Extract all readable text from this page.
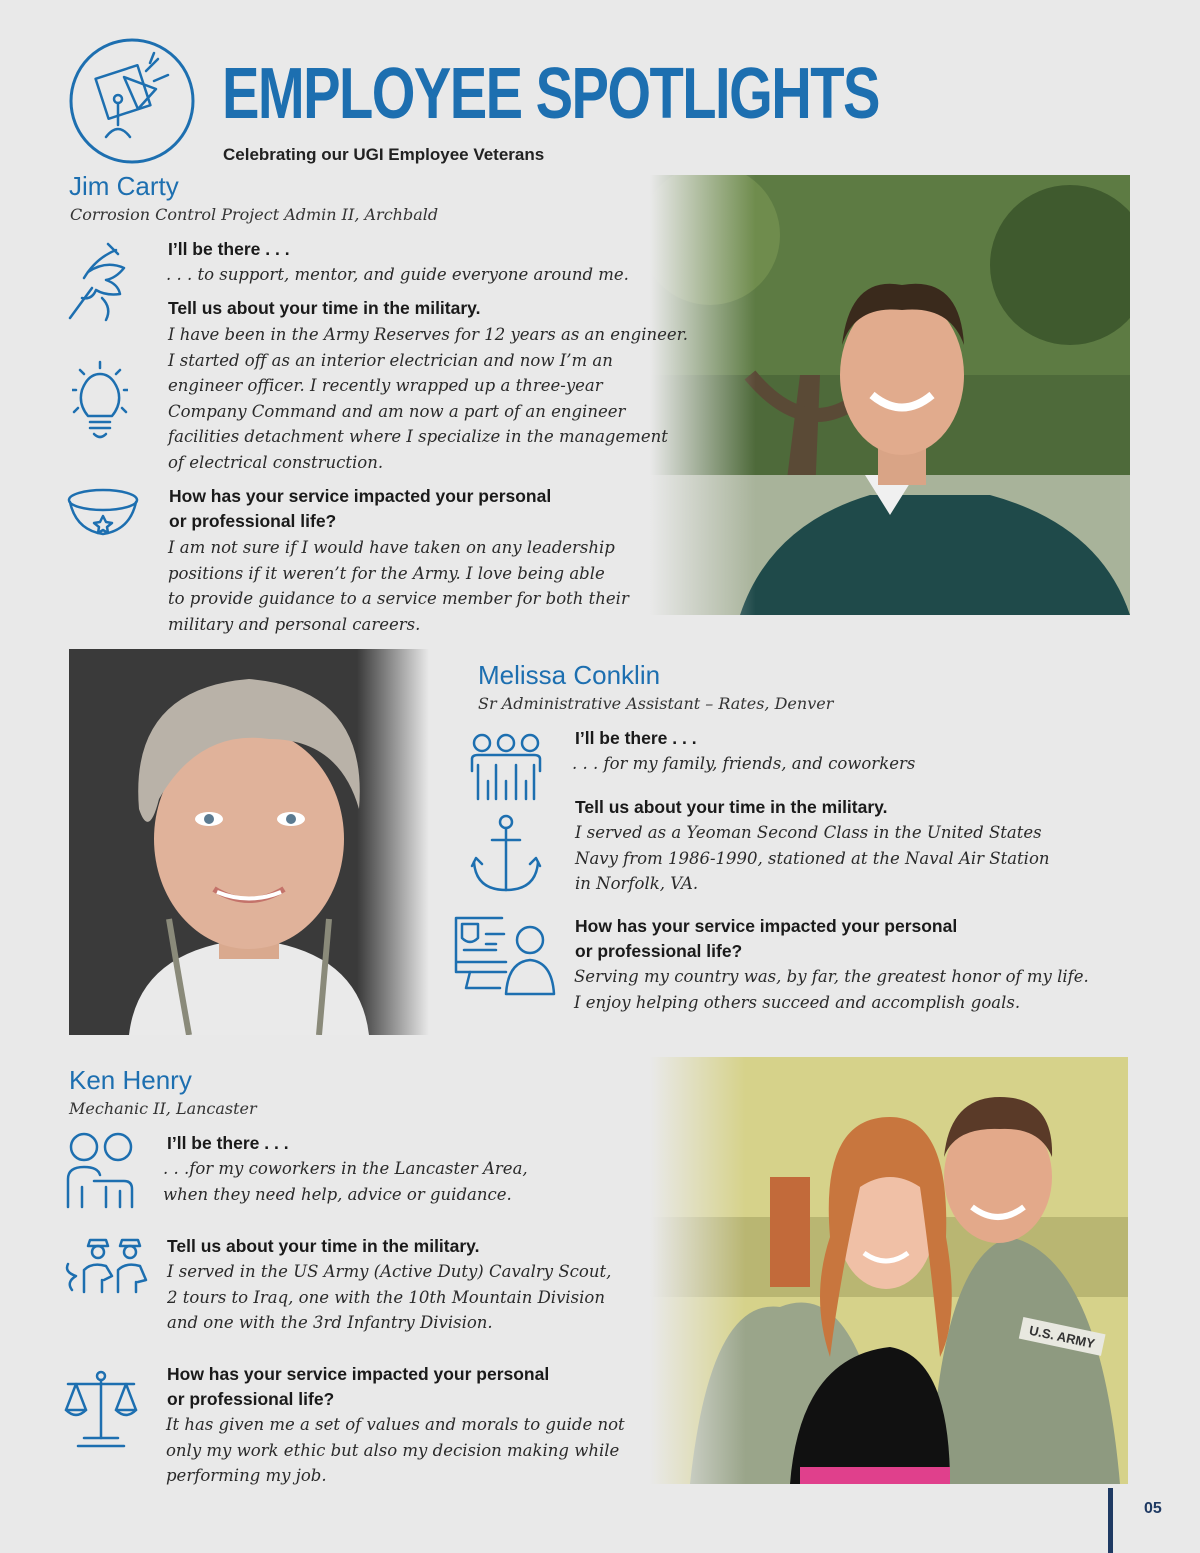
EMPLOYEE SPOTLIGHTS
Celebrating our UGI Employee Veterans
Jim Carty
Corrosion Control Project Admin II, Archbald
I’ll be there . . .
. . . to support, mentor, and guide everyone around me.
Tell us about your time in the military.
I have been in the Army Reserves for 12 years as an engineer.
I started off as an interior electrician and now I’m an
engineer officer. I recently wrapped up a three-year
Company Command and am now a part of an engineer
facilities detachment where I specialize in the management
of electrical construction.
How has your service impacted your personal
or professional life?
I am not sure if I would have taken on any leadership
positions if it weren’t for the Army. I love being able
to provide guidance to a service member for both their
military and personal careers.
Melissa Conklin
Sr Administrative Assistant – Rates, Denver
I’ll be there . . .
. . . for my family, friends, and coworkers
Tell us about your time in the military.
I served as a Yeoman Second Class in the United States
Navy from 1986-1990, stationed at the Naval Air Station
in Norfolk, VA.
How has your service impacted your personal
or professional life?
Serving my country was, by far, the greatest honor of my life.
I enjoy helping others succeed and accomplish goals.
Ken Henry
Mechanic II, Lancaster
I’ll be there . . .
. . .for my coworkers in the Lancaster Area,
when they need help, advice or guidance.
Tell us about your time in the military.
I served in the US Army (Active Duty) Cavalry Scout,
2 tours to Iraq, one with the 10th Mountain Division
and one with the 3rd Infantry Division.
How has your service impacted your personal
or professional life?
It has given me a set of values and morals to guide not
only my work ethic but also my decision making while
performing my job.
05
